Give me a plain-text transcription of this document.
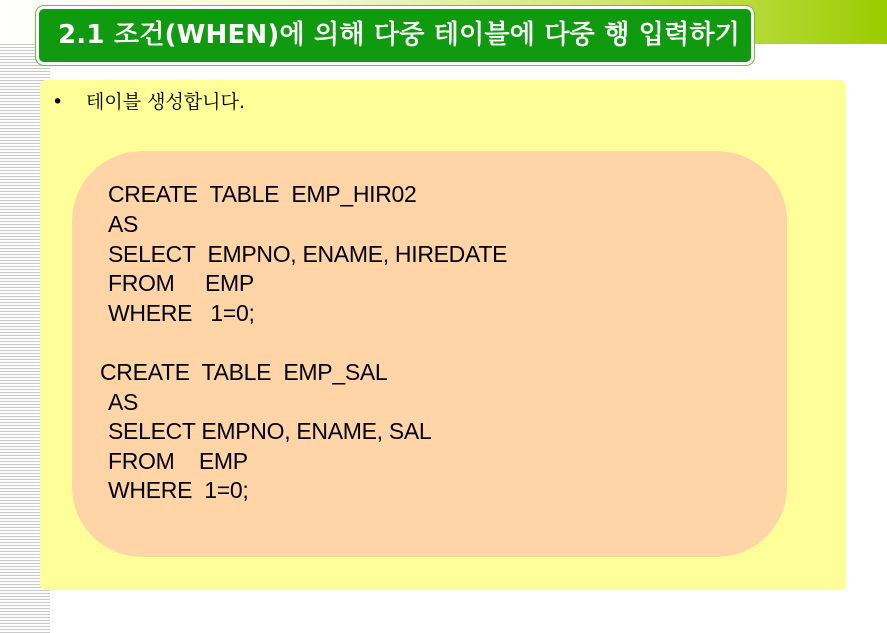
2.1 조건(WHEN)에 의해 다중 테이블에 다중 행 입력하기
• 테이블 생성합니다.
CREATE  TABLE  EMP_HIR02
AS
SELECT  EMPNO, ENAME, HIREDATE
FROM     EMP
WHERE   1=0;
CREATE  TABLE  EMP_SAL
AS
SELECT EMPNO, ENAME, SAL
FROM    EMP
WHERE  1=0;
